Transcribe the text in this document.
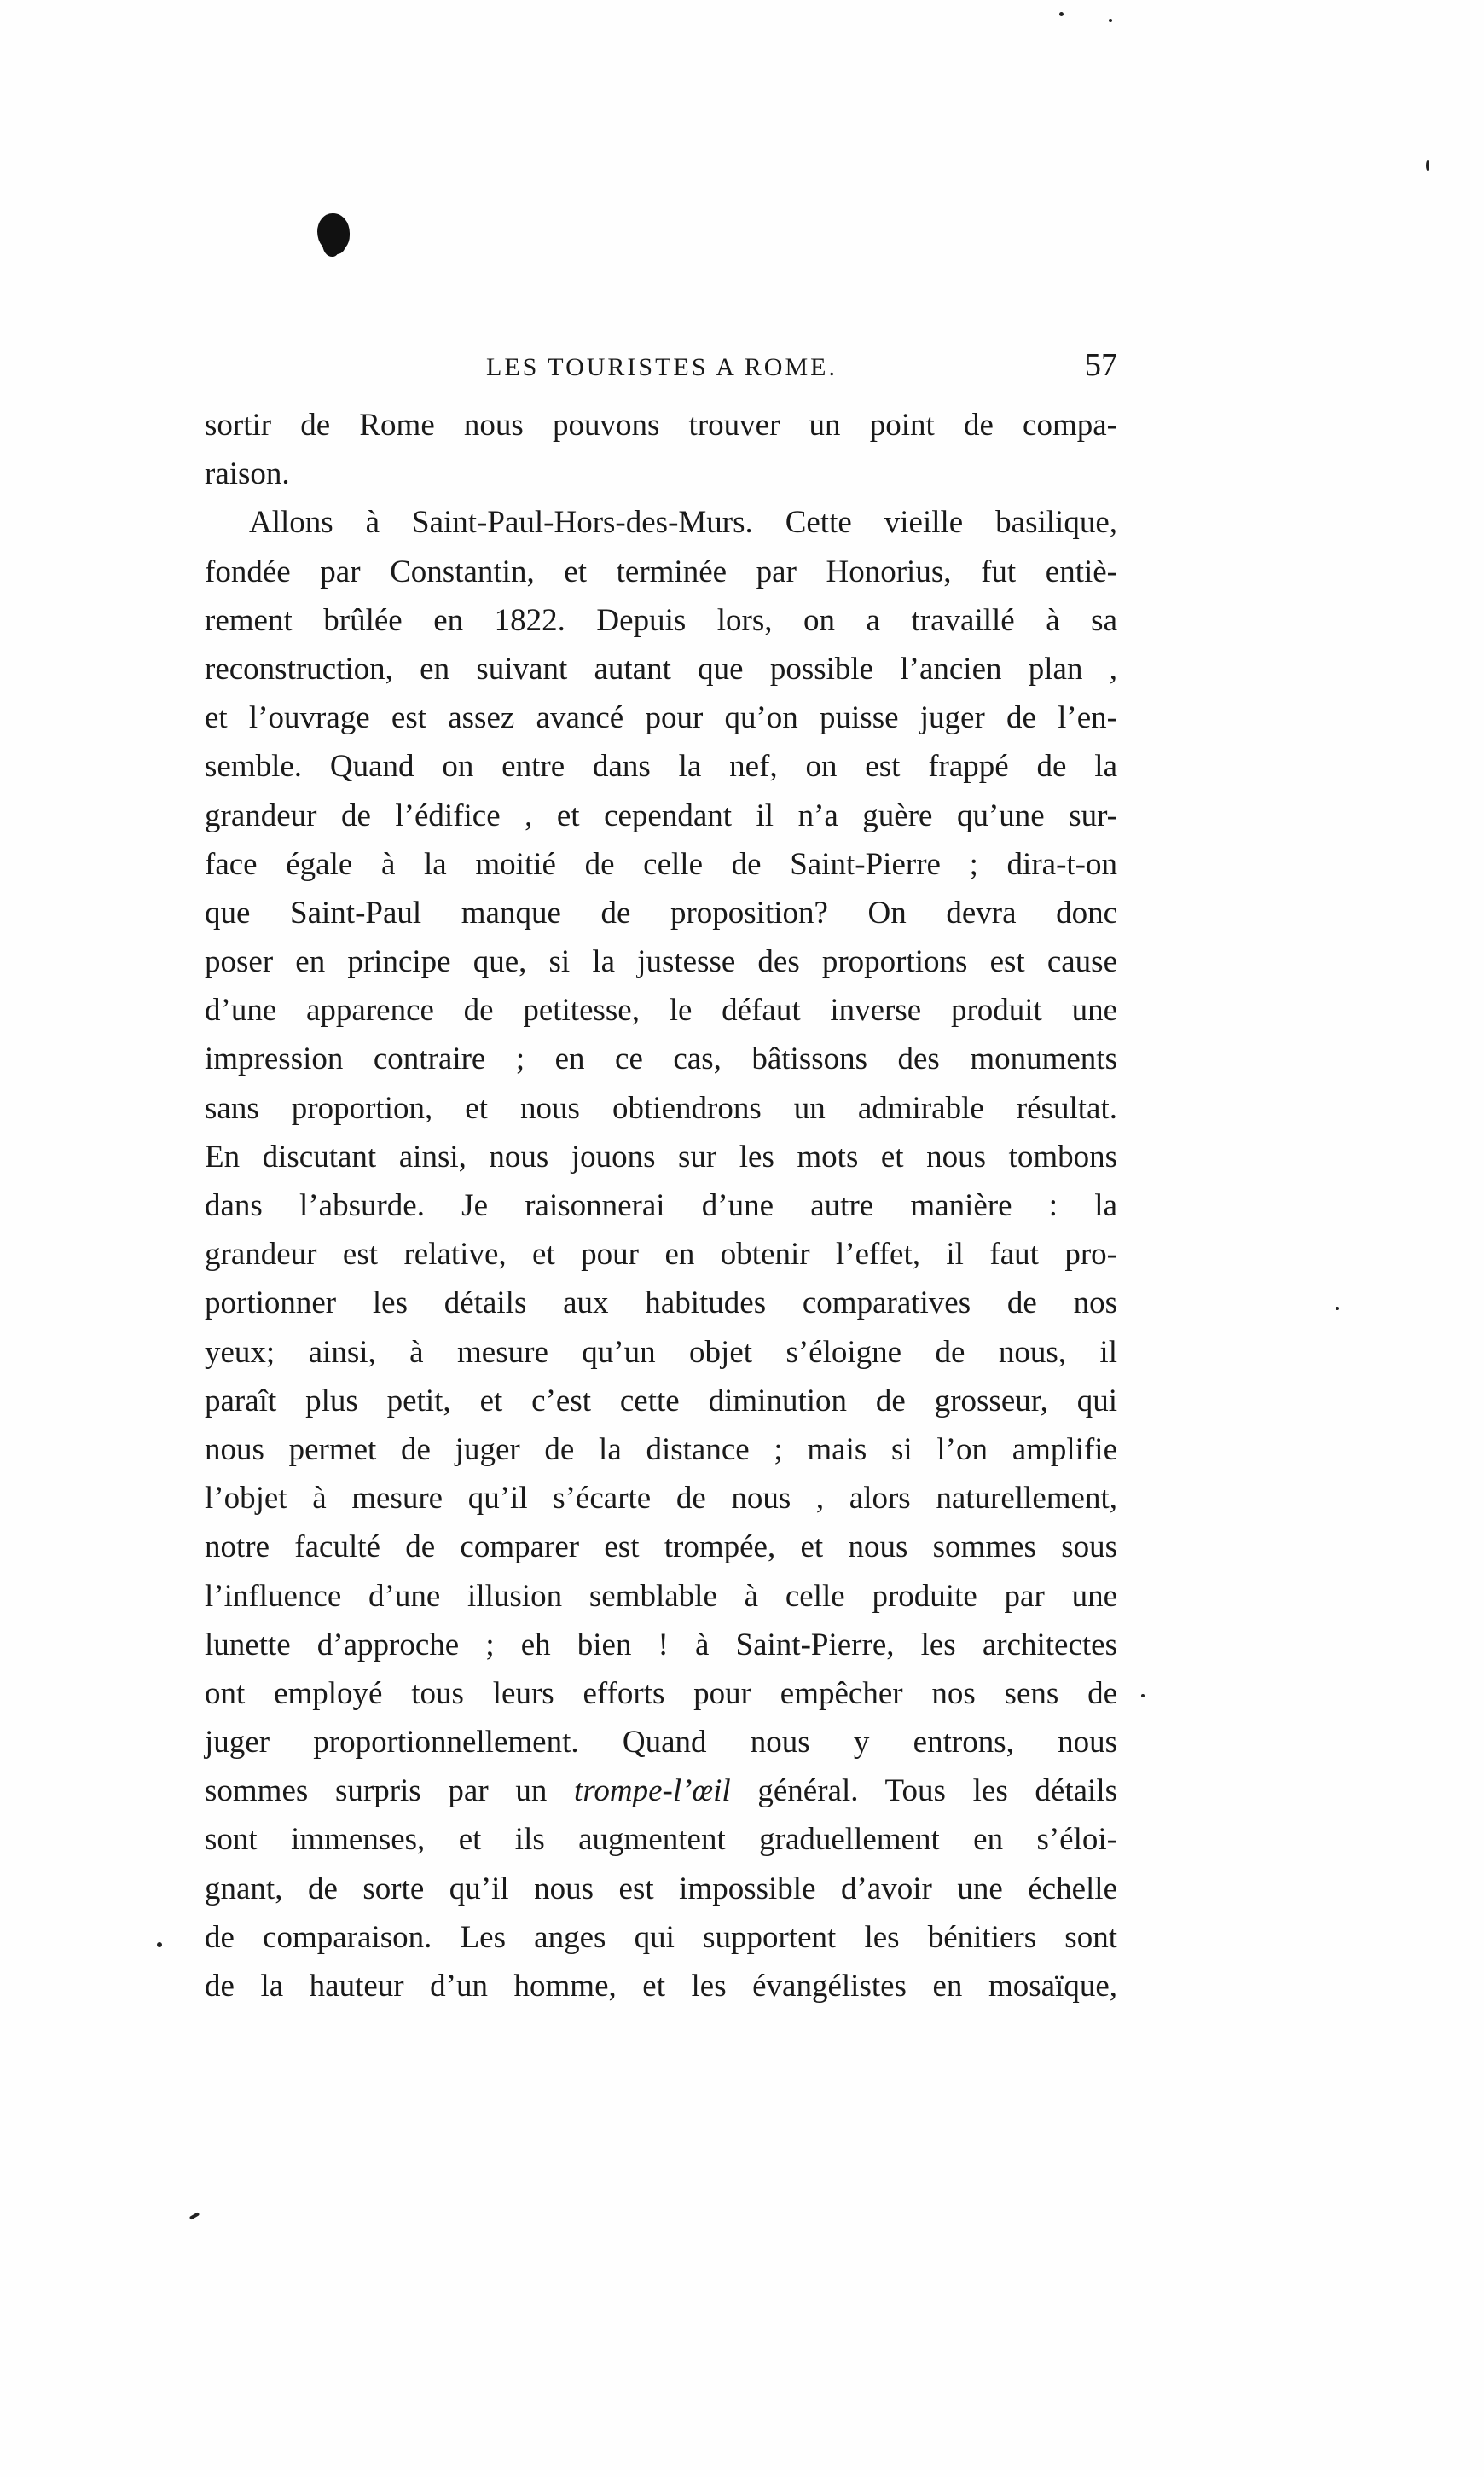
LES TOURISTES A ROME.	57
sortir de Rome nous pouvons trouver un point de compa-
raison.
Allons à Saint-Paul-Hors-des-Murs. Cette vieille basilique,
fondée par Constantin, et terminée par Honorius, fut entiè-
rement brûlée en 1822. Depuis lors, on a travaillé à sa
reconstruction, en suivant autant que possible l’ancien plan ,
et l’ouvrage est assez avancé pour qu’on puisse juger de l’en-
semble. Quand on entre dans la nef, on est frappé de la
grandeur de l’édifice , et cependant il n’a guère qu’une sur-
face égale à la moitié de celle de Saint-Pierre ; dira-t-on
que Saint-Paul manque de proposition? On devra donc
poser en principe que, si la justesse des proportions est cause
d’une apparence de petitesse, le défaut inverse produit une
impression contraire ; en ce cas, bâtissons des monuments
sans proportion, et nous obtiendrons un admirable résultat.
En discutant ainsi, nous jouons sur les mots et nous tombons
dans l’absurde. Je raisonnerai d’une autre manière : la
grandeur est relative, et pour en obtenir l’effet, il faut pro-
portionner les détails aux habitudes comparatives de nos
yeux; ainsi, à mesure qu’un objet s’éloigne de nous, il
paraît plus petit, et c’est cette diminution de grosseur, qui
nous permet de juger de la distance ; mais si l’on amplifie
l’objet à mesure qu’il s’écarte de nous , alors naturellement,
notre faculté de comparer est trompée, et nous sommes sous
l’influence d’une illusion semblable à celle produite par une
lunette d’approche ; eh bien ! à Saint-Pierre, les architectes
ont employé tous leurs efforts pour empêcher nos sens de
juger proportionnellement. Quand nous y entrons, nous
sommes surpris par un trompe-l’œil général. Tous les détails
sont immenses, et ils augmentent graduellement en s’éloi-
gnant, de sorte qu’il nous est impossible d’avoir une échelle
de comparaison. Les anges qui supportent les bénitiers sont
de la hauteur d’un homme, et les évangélistes en mosaïque,
